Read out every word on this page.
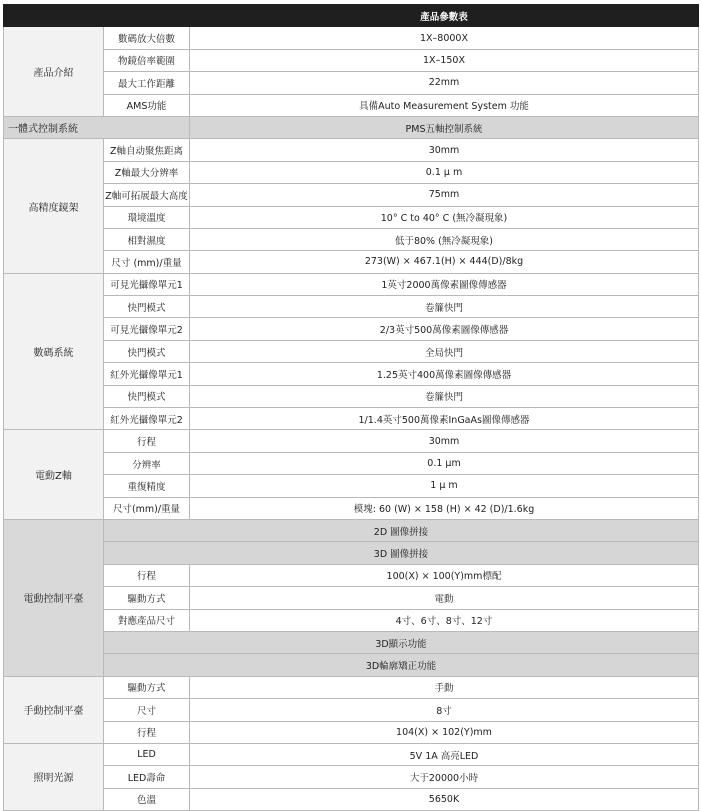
		產品參數表
產品介紹	數碼放大倍數	1X–8000X
	物鏡倍率範圍	1X–150X
	最大工作距離	22mm
	AMS功能	具備Auto Measurement System 功能
一體式控制系統		PMS五軸控制系統
高精度鏡架	Z軸自动聚焦距离	30mm
	Z軸最大分辨率	0.1 μ m
	Z軸可拓展最大高度	75mm
	環境溫度	10° C to 40° C (無冷凝現象)
	相對濕度	低于80% (無冷凝現象)
	尺寸 (mm)/重量	273(W) × 467.1(H) × 444(D)/8kg
數碼系統	可見光攝像單元1	1英寸2000萬像素圖像傳感器
	快門模式	卷簾快門
	可見光攝像單元2	2/3英寸500萬像素圖像傳感器
	快門模式	全局快門
	紅外光攝像單元1	1.25英寸400萬像素圖像傳感器
	快門模式	卷簾快門
	紅外光攝像單元2	1/1.4英寸500萬像素InGaAs圖像傳感器
電動Z軸	行程	30mm
	分辨率	0.1 μm
	重復精度	1 μ m
	尺寸(mm)/重量	模塊: 60 (W) × 158 (H) × 42 (D)/1.6kg
電動控制平臺	2D 圖像拼接	
	3D 圖像拼接	
	行程	100(X) × 100(Y)mm標配
	驅動方式	電動
	對應產品尺寸	4寸、6寸、8寸、12寸
	3D顯示功能	
	3D輪廓矯正功能	
手動控制平臺	驅動方式	手動
	尺寸	8寸
	行程	104(X) × 102(Y)mm
照明光源	LED	5V 1A 高亮LED
	LED壽命	大于20000小時
	色溫	5650K
